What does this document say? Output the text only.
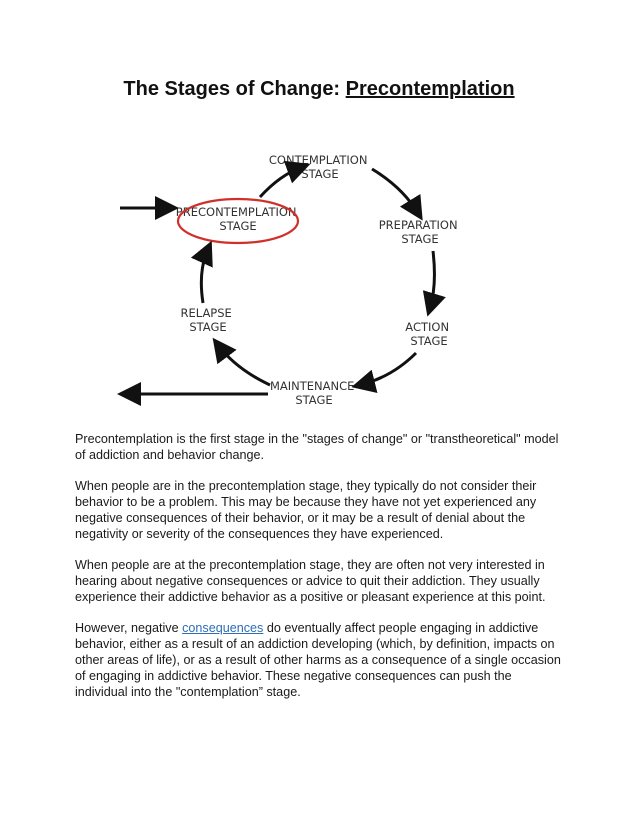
The Stages of Change: Precontemplation
CONTEMPLATION STAGE
PRECONTEMPLATION STAGE	PREPARATION STAGE
RELAPSE STAGE	ACTION STAGE
MAINTENANCE STAGE

Precontemplation is the first stage in the "stages of change" or "transtheoretical" model of addiction and behavior change.

When people are in the precontemplation stage, they typically do not consider their behavior to be a problem. This may be because they have not yet experienced any negative consequences of their behavior, or it may be a result of denial about the negativity or severity of the consequences they have experienced.

When people are at the precontemplation stage, they are often not very interested in hearing about negative consequences or advice to quit their addiction. They usually experience their addictive behavior as a positive or pleasant experience at this point.

However, negative consequences do eventually affect people engaging in addictive behavior, either as a result of an addiction developing (which, by definition, impacts on other areas of life), or as a result of other harms as a consequence of a single occasion of engaging in addictive behavior. These negative consequences can push the individual into the "contemplation” stage.
